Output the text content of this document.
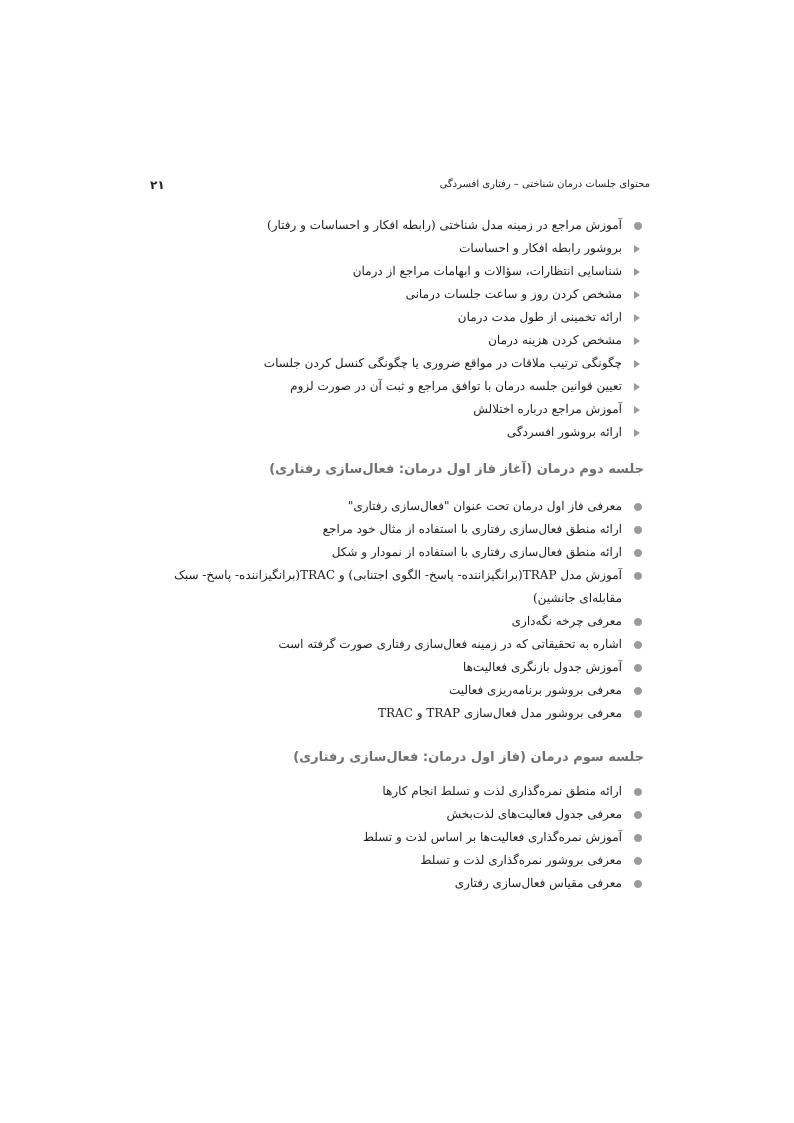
محتوای جلسات درمان شناختی – رفتاری افسردگی
۲۱
آموزش مراجع در زمینه مدل شناختی (رابطه افکار و احساسات و رفتار)
بروشور رابطه افکار و احساسات
شناسایی انتظارات، سؤالات و ابهامات مراجع از درمان
مشخص کردن روز و ساعت جلسات درمانی
ارائه تخمینی از طول مدت درمان
مشخص کردن هزینه درمان
چگونگی ترتیب ملاقات در مواقع ضروری یا چگونگی کنسل کردن جلسات
تعیین قوانین جلسه درمان با توافق مراجع و ثبت آن در صورت لزوم
آموزش مراجع درباره اختلالش
ارائه بروشور افسردگی
جلسه دوم درمان (آغاز فاز اول درمان: فعال‌سازی رفتاری)
معرفی فاز اول درمان تحت عنوان "فعال‌سازی رفتاری"
ارائه منطق فعال‌سازی رفتاری با استفاده از مثال خود مراجع
ارائه منطق فعال‌سازی رفتاری با استفاده از نمودار و شکل
آموزش مدل TRAP(برانگیزاننده- پاسخ- الگوی اجتنابی) و TRAC(برانگیزاننده- پاسخ- سبک مقابله‌ای جانشین)
معرفی چرخه نگه‌داری
اشاره به تحقیقاتی که در زمینه فعال‌سازی رفتاری صورت گرفته است
آموزش جدول بازنگری فعالیت‌ها
معرفی بروشور برنامه‌ریزی فعالیت
معرفی بروشور مدل فعال‌سازی TRAP و TRAC
جلسه سوم درمان (فاز اول درمان: فعال‌سازی رفتاری)
ارائه منطق نمره‌گذاری لذت و تسلط انجام کارها
معرفی جدول فعالیت‌های لذت‌بخش
آموزش نمره‌گذاری فعالیت‌ها بر اساس لذت و تسلط
معرفی بروشور نمره‌گذاری لذت و تسلط
معرفی مقیاس فعال‌سازی رفتاری
